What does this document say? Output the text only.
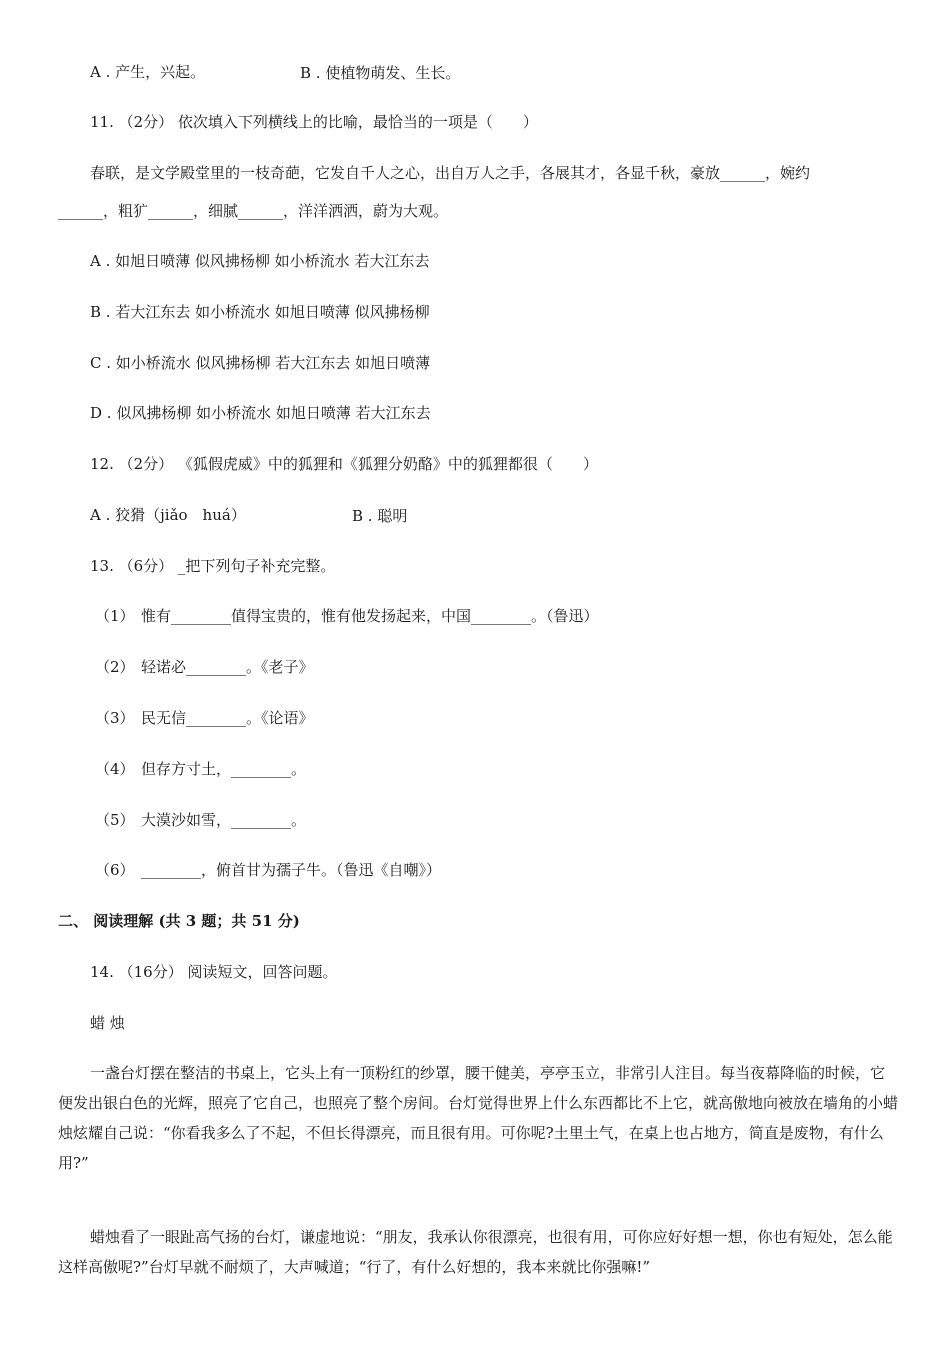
A . 产生，兴起。	B . 使植物萌发、生长。
11. （2分） 依次填入下列横线上的比喻，最恰当的一项是（　　）
春联，是文学殿堂里的一枝奇葩，它发自千人之心，出自万人之手，各展其才，各显千秋，豪放______，婉约
______，粗犷______，细腻______，洋洋洒洒，蔚为大观。
A . 如旭日喷薄 似风拂杨柳 如小桥流水 若大江东去
B . 若大江东去 如小桥流水 如旭日喷薄 似风拂杨柳
C . 如小桥流水 似风拂杨柳 若大江东去 如旭日喷薄
D . 似风拂杨柳 如小桥流水 如旭日喷薄 若大江东去
12. （2分） 《狐假虎威》中的狐狸和《狐狸分奶酪》中的狐狸都很（　　）
A . 狡猾（jiǎo　huá）	B . 聪明
13. （6分） _把下列句子补充完整。
（1） 惟有________值得宝贵的，惟有他发扬起来，中国________。（鲁迅）
（2） 轻诺必________。《老子》
（3） 民无信________。《论语》
（4） 但存方寸土，________。
（5） 大漠沙如雪，________。
（6） ________，俯首甘为孺子牛。（鲁迅《自嘲》）
二、 阅读理解 (共 3 题；共 51 分)
14. （16分） 阅读短文，回答问题。
蜡 烛
一盏台灯摆在整洁的书桌上，它头上有一顶粉红的纱罩，腰干健美，亭亭玉立，非常引人注目。每当夜幕降临的时候，它便发出银白色的光辉，照亮了它自己，也照亮了整个房间。台灯觉得世界上什么东西都比不上它，就高傲地向被放在墙角的小蜡烛炫耀自己说：“你看我多么了不起，不但长得漂亮，而且很有用。可你呢?土里土气，在桌上也占地方，简直是废物，有什么用?”
蜡烛看了一眼趾高气扬的台灯，谦虚地说：“朋友，我承认你很漂亮，也很有用，可你应好好想一想，你也有短处，怎么能这样高傲呢?”台灯早就不耐烦了，大声喊道；“行了，有什么好想的，我本来就比你强嘛!”
